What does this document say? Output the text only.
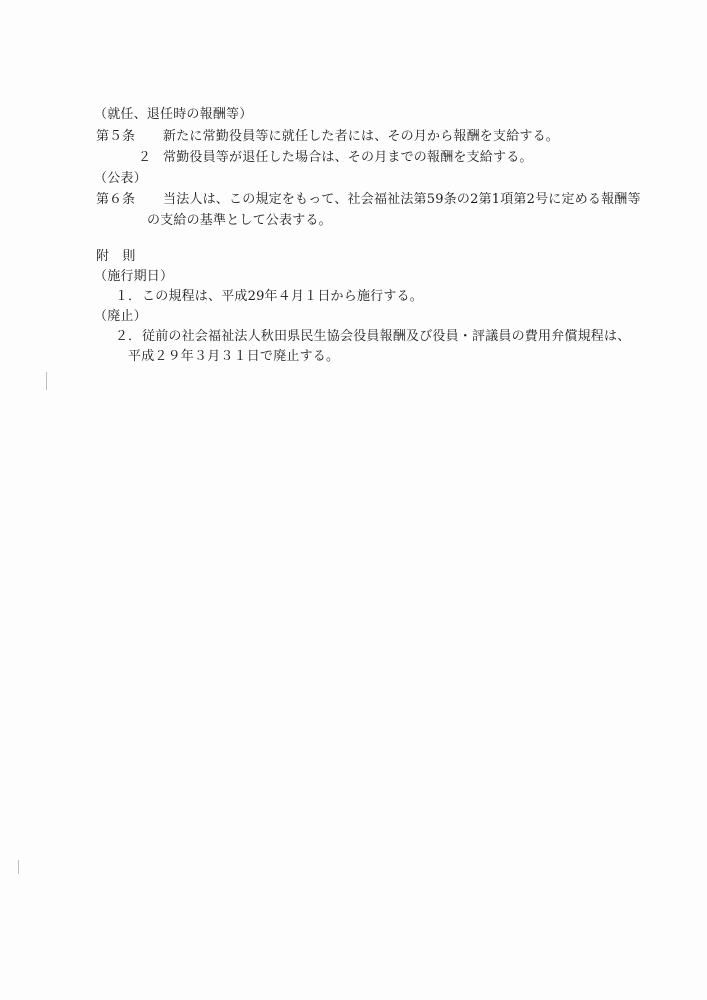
（就任、退任時の報酬等）
第５条 新たに常勤役員等に就任した者には、その月から報酬を支給する。
２ 常勤役員等が退任した場合は、その月までの報酬を支給する。
（公表）
第６条 当法人は、この規定をもって、社会福祉法第59条の2第1項第2号に定める報酬等
の支給の基準として公表する。
附　則
（施行期日）
１． この規程は、平成29年４月１日から施行する。
（廃止）
２． 従前の社会福祉法人秋田県民生協会役員報酬及び役員・評議員の費用弁償規程は、
平成２９年３月３１日で廃止する。
